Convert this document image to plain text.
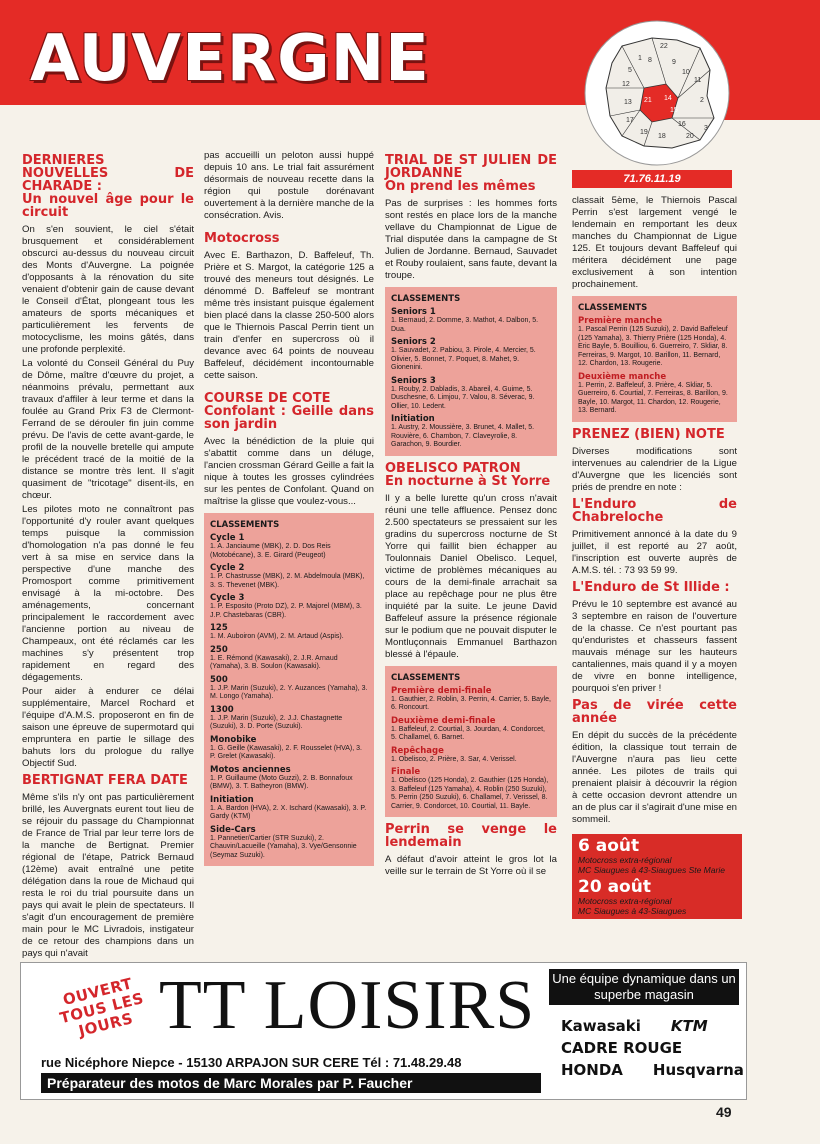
AUVERGNE	22
1 8	9
5	10
11
12
21 14
15
13
17
19
16
20
2
18
3
71.76.11.19
DERNIERES NOUVELLES DE CHARADE :
Un nouvel âge pour le circuit

On s'en souvient, le ciel s'était brusquement et considérablement obscurci au-dessus du nouveau circuit des Monts d'Auvergne. La poignée d'opposants à la rénovation du site venaient d'obtenir gain de cause devant le Conseil d'État, plongeant tous les amateurs de sports mécaniques et particulièrement les fervents de motocyclisme, les moins gâtés, dans une profonde perplexité.

La volonté du Conseil Général du Puy de Dôme, maître d'œuvre du projet, a néanmoins prévalu, permettant aux travaux d'affiler à leur terme et dans la foulée au Grand Prix F3 de Clermont-Ferrand de se dérouler fin juin comme prévu. De l'avis de cette avant-garde, le profil de la nouvelle bretelle qui ampute le précédent tracé de la moitié de la distance se montre très lent. Il s'agit quasiment de "tricotage" disent-ils, en chœur.

Les pilotes moto ne connaîtront pas l'opportunité d'y rouler avant quelques temps puisque la commission d'homologation n'a pas donné le feu vert à sa mise en service dans la perspective d'une manche des Promosport comme primitivement envisagé à la mi-octobre. Des aménagements, concernant principalement le raccordement avec l'ancienne portion au niveau de Champeaux, ont été réclamés car les machines s'y présentent trop rapidement en regard des dégagements.

Pour aider à endurer ce délai supplémentaire, Marcel Rochard et l'équipe d'A.M.S. proposeront en fin de saison une épreuve de supermotard qui empruntera en partie le sillage des bahuts lors du prologue du rallye Objectif Sud.

BERTIGNAT FERA DATE

Même s'ils n'y ont pas particulièrement brillé, les Auvergnats eurent tout lieu de se réjouir du passage du Championnat de France de Trial par leur terre lors de la manche de Bertignat. Premier régional de l'étape, Patrick Bernaud (12ème) avait entraîné une petite délégation dans la roue de Michaud qui resta le roi du trial poursuite dans un pays qui avait le plein de spectateurs. Il s'agit d'un encouragement de première main pour le MC Livradois, instigateur de ce retour des champions dans un pays qui n'avait

pas accueilli un peloton aussi huppé depuis 10 ans. Le trial fait assurément désormais de nouveau recette dans la région qui postule dorénavant ouvertement à la dernière manche de la consécration. Avis.

Motocross

Avec E. Barthazon, D. Baffeleuf, Th. Prière et S. Margot, la catégorie 125 a trouvé des meneurs tout désignés. Le dénommé D. Baffeleuf se montrant même très insistant puisque également bien placé dans la classe 250-500 alors que le Thiernois Pascal Perrin tient un train d'enfer en supercross où il devance avec 64 points de nouveau Baffeleuf, décidément incontournable cette saison.

COURSE DE COTE
Confolant : Geille dans son jardin

Avec la bénédiction de la pluie qui s'abattit comme dans un déluge, l'ancien crossman Gérard Geille a fait la nique à toutes les grosses cylindrées sur les pentes de Confolant. Quand on maîtrise la glisse que voulez-vous...

CLASSEMENTS
Cycle 1
1. A. Janciaume (MBK), 2. D. Dos Reis (Motobécane), 3. E. Girard (Peugeot)
Cycle 2
1. P. Chastrusse (MBK), 2. M. Abdelmoula (MBK), 3. S. Thevenet (MBK).
Cycle 3
1. P. Esposito (Proto DZ), 2. P. Majorel (MBM), 3. J.P. Chastebaras (CBR).
125
1. M. Auboiron (AVM), 2. M. Artaud (Aspis).
250
1. E. Rémond (Kawasaki), 2. J.R. Arnaud (Yamaha), 3. B. Soulon (Kawasaki).
500
1. J.P. Marin (Suzuki), 2. Y. Auzances (Yamaha), 3. M. Longo (Yamaha).
1300
1. J.P. Marin (Suzuki), 2. J.J. Chastagnette (Suzuki), 3. D. Porte (Suzuki).
Monobike
1. G. Geille (Kawasaki), 2. F. Rousselet (HVA), 3. P. Grelet (Kawasaki).
Motos anciennes
1. P. Guillaume (Moto Guzzi), 2. B. Bonnafoux (BMW), 3. T. Batheyron (BMW).
Initiation
1. A. Bardon (HVA), 2. X. Ischard (Kawasaki), 3. P. Gardy (KTM)
Side-Cars
1. Pannetier/Cartier (STR Suzuki), 2. Chauvin/Lacueille (Yamaha), 3. Vye/Gensonnie (Seymaz Suzuki).
TRIAL DE ST JULIEN DE JORDANNE
On prend les mêmes

Pas de surprises : les hommes forts sont restés en place lors de la manche vellave du Championnat de Ligue de Trial disputée dans la campagne de St Julien de Jordanne. Bernaud, Sauvadet et Rouby roulaient, sans faute, devant la troupe.

CLASSEMENTS
Seniors 1
1. Bernaud, 2. Domme, 3. Mathot, 4. Dalbon, 5. Dua.
Seniors 2
1. Sauvadet, 2. Pabiou, 3. Pirole, 4. Mercier, 5. Olivier, 5. Bonnet, 7. Poquet, 8. Mahet, 9. Gionenini.
Seniors 3
1. Rouby, 2. Dabladis, 3. Abareil, 4. Guime, 5. Duschesne, 6. Limjou, 7. Valou, 8. Séverac, 9. Ollier, 10. Ledent.
Initiation
1. Austry, 2. Moussière, 3. Brunet, 4. Mallet, 5. Rouvière, 6. Chambon, 7. Claveyrolie, 8. Garachon, 9. Bourdier.
OBELISCO PATRON
En nocturne à St Yorre

Il y a belle lurette qu'un cross n'avait réuni une telle affluence. Pensez donc 2.500 spectateurs se pressaient sur les gradins du supercross nocturne de St Yorre qui faillit bien échapper au Toulonnais Daniel Obelisco. Lequel, victime de problèmes mécaniques au cours de la demi-finale arrachait sa place au repêchage pour ne plus être inquiété par la suite. Le jeune David Baffeleuf assure la présence régionale sur le podium que ne pouvait disputer le Montluçonnais Emmanuel Barthazon blessé à l'épaule.

CLASSEMENTS
Première demi-finale
1. Gauthier, 2. Roblin, 3. Perrin, 4. Carrier, 5. Bayle, 6. Roncourt.
Deuxième demi-finale
1. Baffeleuf, 2. Courtial, 3. Jourdan, 4. Condorcet, 5. Challamel, 6. Barnet.
Repêchage
1. Obelisco, 2. Prière, 3. Sar, 4. Verissel.
Finale
1. Obelisco (125 Honda), 2. Gauthier (125 Honda), 3. Baffeleuf (125 Yamaha), 4. Roblin (250 Suzuki), 5. Perrin (250 Suzuki), 6. Challamel, 7. Verissel, 8. Carrier, 9. Condorcet, 10. Courtial, 11. Bayle.
Perrin se venge le lendemain

A défaut d'avoir atteint le gros lot la veille sur le terrain de St Yorre où il se

classait 5ème, le Thiernois Pascal Perrin s'est largement vengé le lendemain en remportant les deux manches du Championnat de Ligue 125. Et toujours devant Baffeleuf qui méritera décidément une page exclusivement à son intention prochainement.

CLASSEMENTS
Première manche
1. Pascal Perrin (125 Suzuki), 2. David Baffeleuf (125 Yamaha), 3. Thierry Prière (125 Honda), 4. Eric Bayle, 5. Bouilliou, 6. Guerreiro, 7. Skliar, 8. Ferreiras, 9. Margot, 10. Barillon, 11. Bernard, 12. Chardon, 13. Rougerie.
Deuxième manche
1. Perrin, 2. Baffeleuf, 3. Prière, 4. Skliar, 5. Guerreiro, 6. Courtial, 7. Ferreiras, 8. Barillon, 9. Bayle, 10. Margot, 11. Chardon, 12. Rougerie, 13. Bernard.
PRENEZ (BIEN) NOTE

Diverses modifications sont intervenues au calendrier de la Ligue d'Auvergne que les licenciés sont priés de prendre en note :

L'Enduro de Chabreloche

Primitivement annoncé à la date du 9 juillet, il est reporté au 27 août, l'inscription est ouverte auprès de A.M.S. tél. : 73 93 59 99.

L'Enduro de St Illide :

Prévu le 10 septembre est avancé au 3 septembre en raison de l'ouverture de la chasse. Ce n'est pourtant pas qu'enduristes et chasseurs fassent mauvais ménage sur les hauteurs cantaliennes, mais quand il y a moyen de vivre en bonne intelligence, pourquoi s'en priver !

Pas de virée cette année

En dépit du succès de la précédente édition, la classique tout terrain de l'Auvergne n'aura pas lieu cette année. Les pilotes de trails qui prenaient plaisir à découvrir la région à cette occasion devront attendre un an de plus car il s'agirait d'une mise en sommeil.

6 août
Motocross extra-régional
MC Siaugues à 43-Siaugues Ste Marie
20 août
Motocross extra-régional
MC Siaugues à 43-Siaugues
OUVERT TOUS LES JOURS TT LOISIRS Une équipe dynamique dans un superbe magasin
Kawasaki KTM
CADRE ROUGE
HONDA Husqvarna
rue Nicéphore Niepce - 15130 ARPAJON SUR CERE Tél : 71.48.29.48
Préparateur des motos de Marc Morales par P. Faucher
49
